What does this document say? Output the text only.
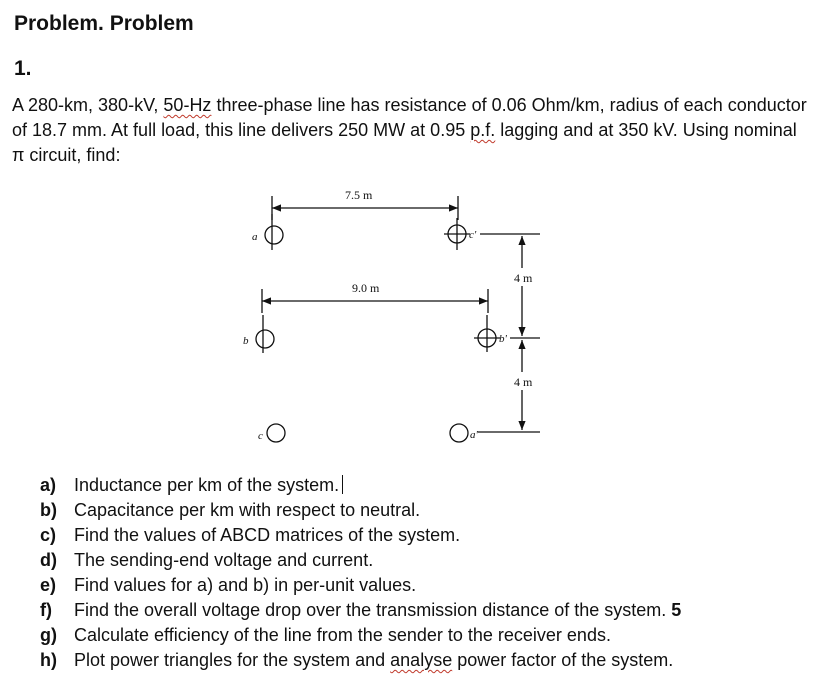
Problem. Problem
1.

A 280-km, 380-kV, 50-Hz three-phase line has resistance of 0.06 Ohm/km, radius of each conductor of 18.7 mm. At full load, this line delivers 250 MW at 0.95 p.f. lagging and at 350 kV. Using nominal π circuit, find:

7.5 m
9.0 m
4 m
4 m
a
b
c
c'
b'
a'
a) Inductance per km of the system.
b) Capacitance per km with respect to neutral.
c) Find the values of ABCD matrices of the system.
d) The sending-end voltage and current.
e) Find values for a) and b) in per-unit values.
f) Find the overall voltage drop over the transmission distance of the system. 5
g) Calculate efficiency of the line from the sender to the receiver ends.
h) Plot power triangles for the system and analyse power factor of the system.
